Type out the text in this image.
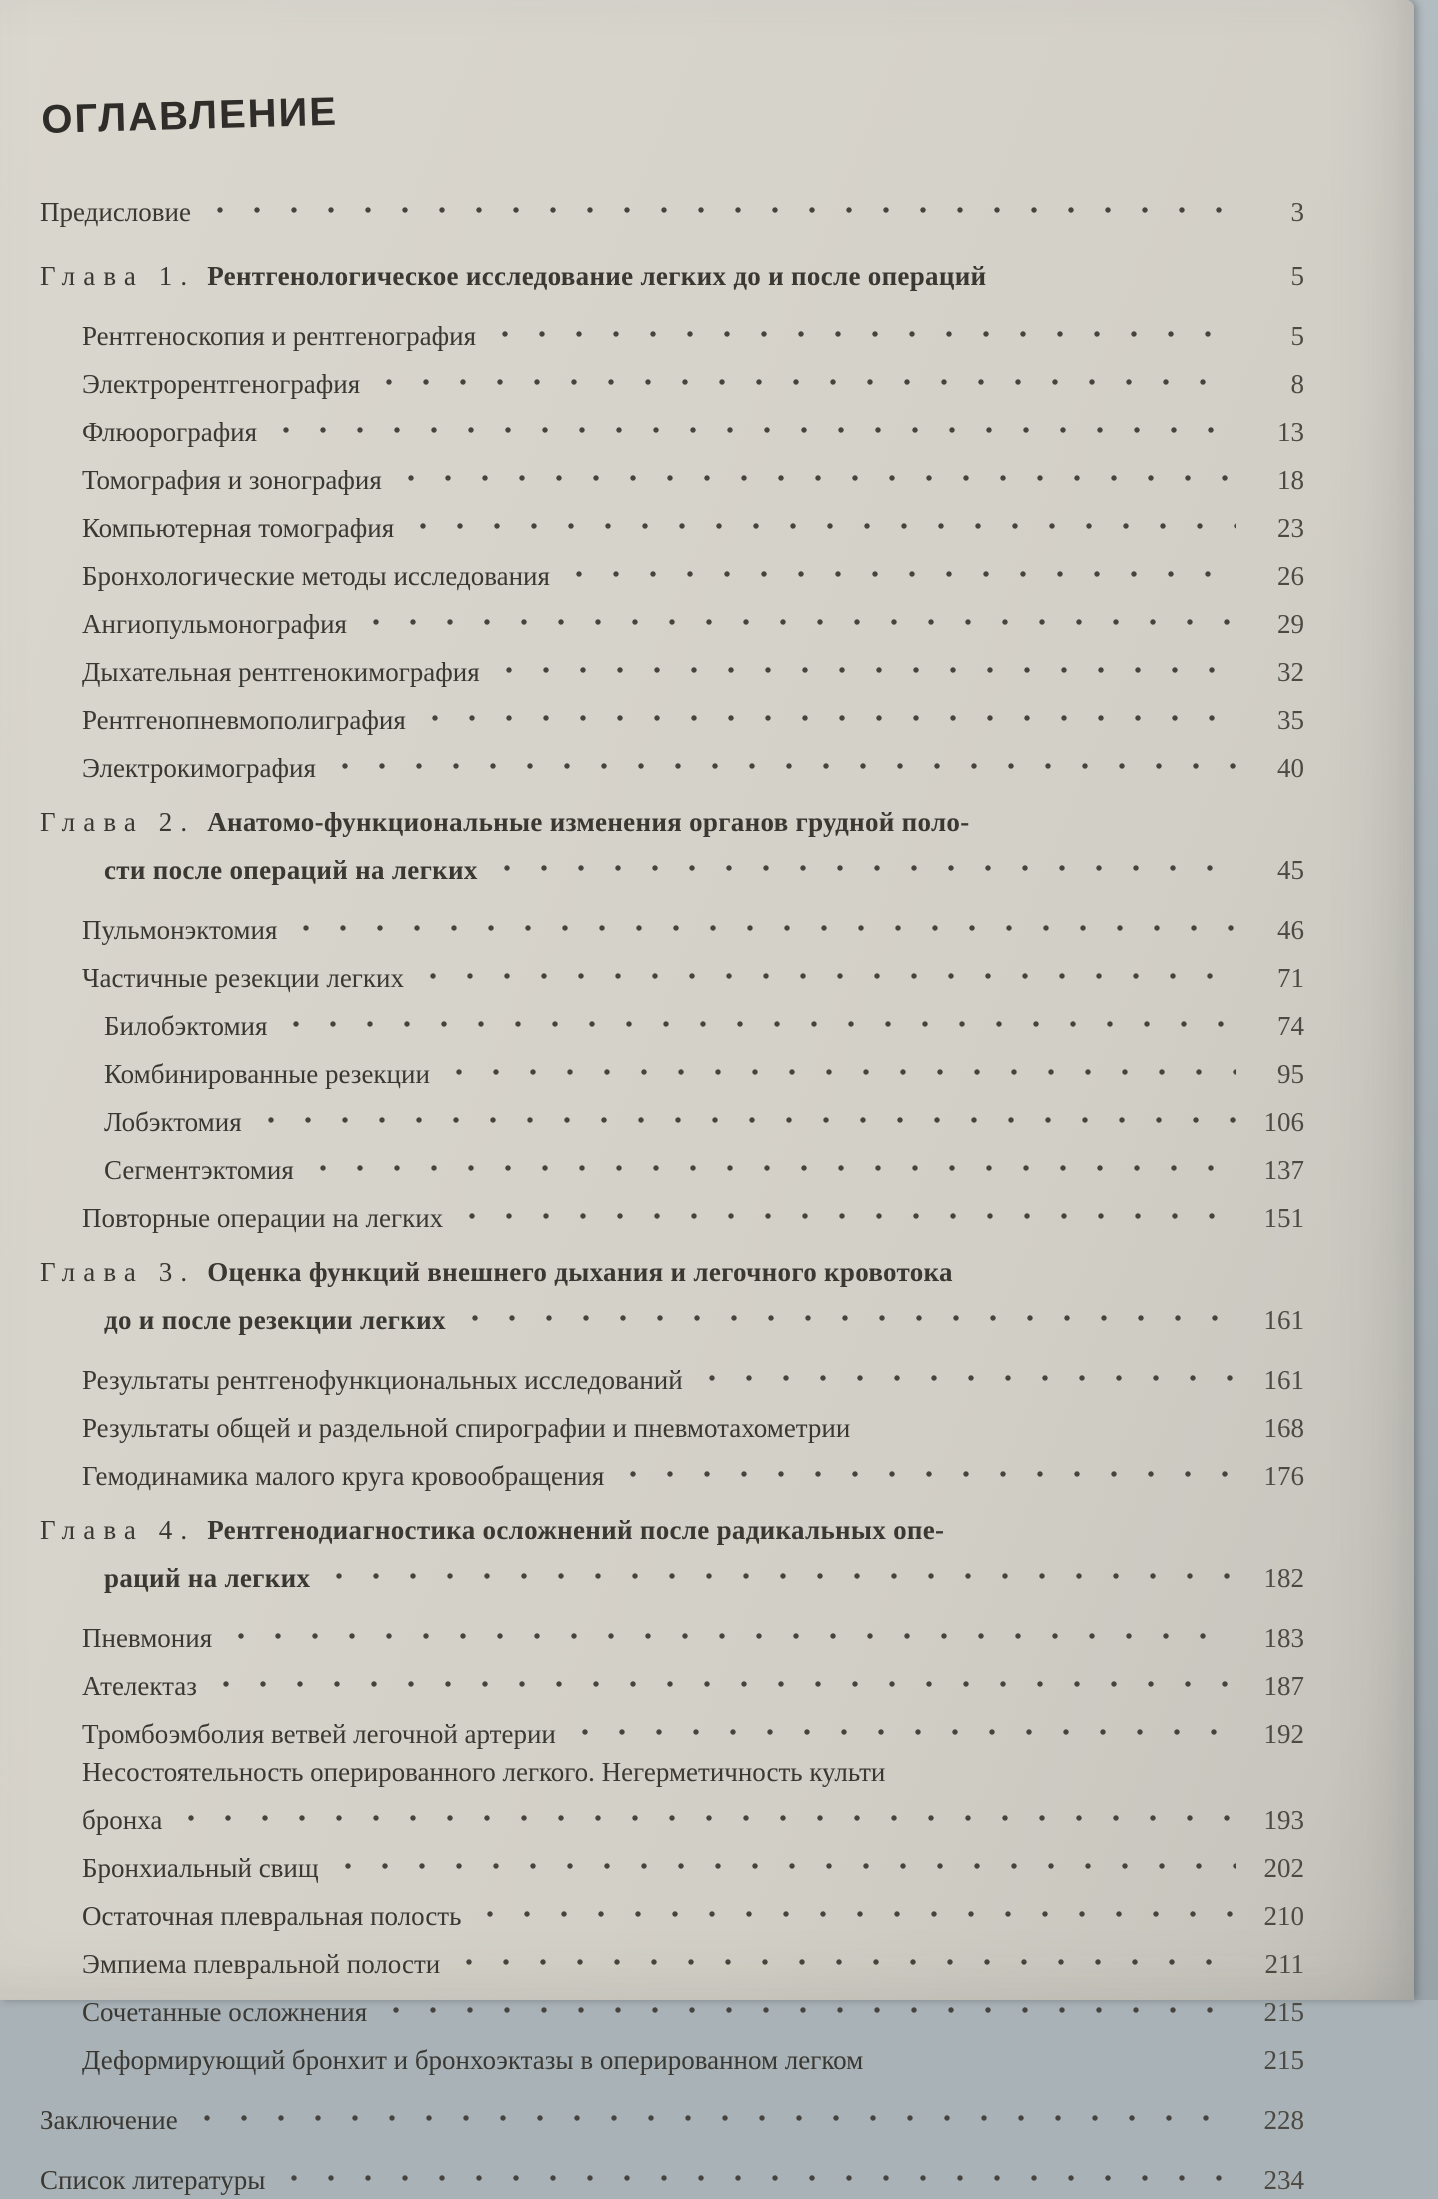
ОГЛАВЛЕНИЕ
Предисловие	3
Глава 1. Рентгенологическое исследование легких до и после операций	5
Рентгеноскопия и рентгенография	5
Электрорентгенография	8
Флюорография	13
Томография и зонография	18
Компьютерная томография	23
Бронхологические методы исследования	26
Ангиопульмонография	29
Дыхательная рентгенокимография	32
Рентгенопневмополиграфия	35
Электрокимография	40
Глава 2. Анатомо-функциональные изменения органов грудной поло-
сти после операций на легких	45
Пульмонэктомия	46
Частичные резекции легких	71
Билобэктомия	74
Комбинированные резекции	95
Лобэктомия	106
Сегментэктомия	137
Повторные операции на легких	151
Глава 3. Оценка функций внешнего дыхания и легочного кровотока
до и после резекции легких	161
Результаты рентгенофункциональных исследований	161
Результаты общей и раздельной спирографии и пневмотахометрии	168
Гемодинамика малого круга кровообращения	176
Глава 4. Рентгенодиагностика осложнений после радикальных опе-
раций на легких	182
Пневмония	183
Ателектаз	187
Тромбоэмболия ветвей легочной артерии	192
Несостоятельность оперированного легкого. Негерметичность культи
бронха	193
Бронхиальный свищ	202
Остаточная плевральная полость	210
Эмпиема плевральной полости	211
Сочетанные осложнения	215
Деформирующий бронхит и бронхоэктазы в оперированном легком	215
Заключение	228
Список литературы	234
